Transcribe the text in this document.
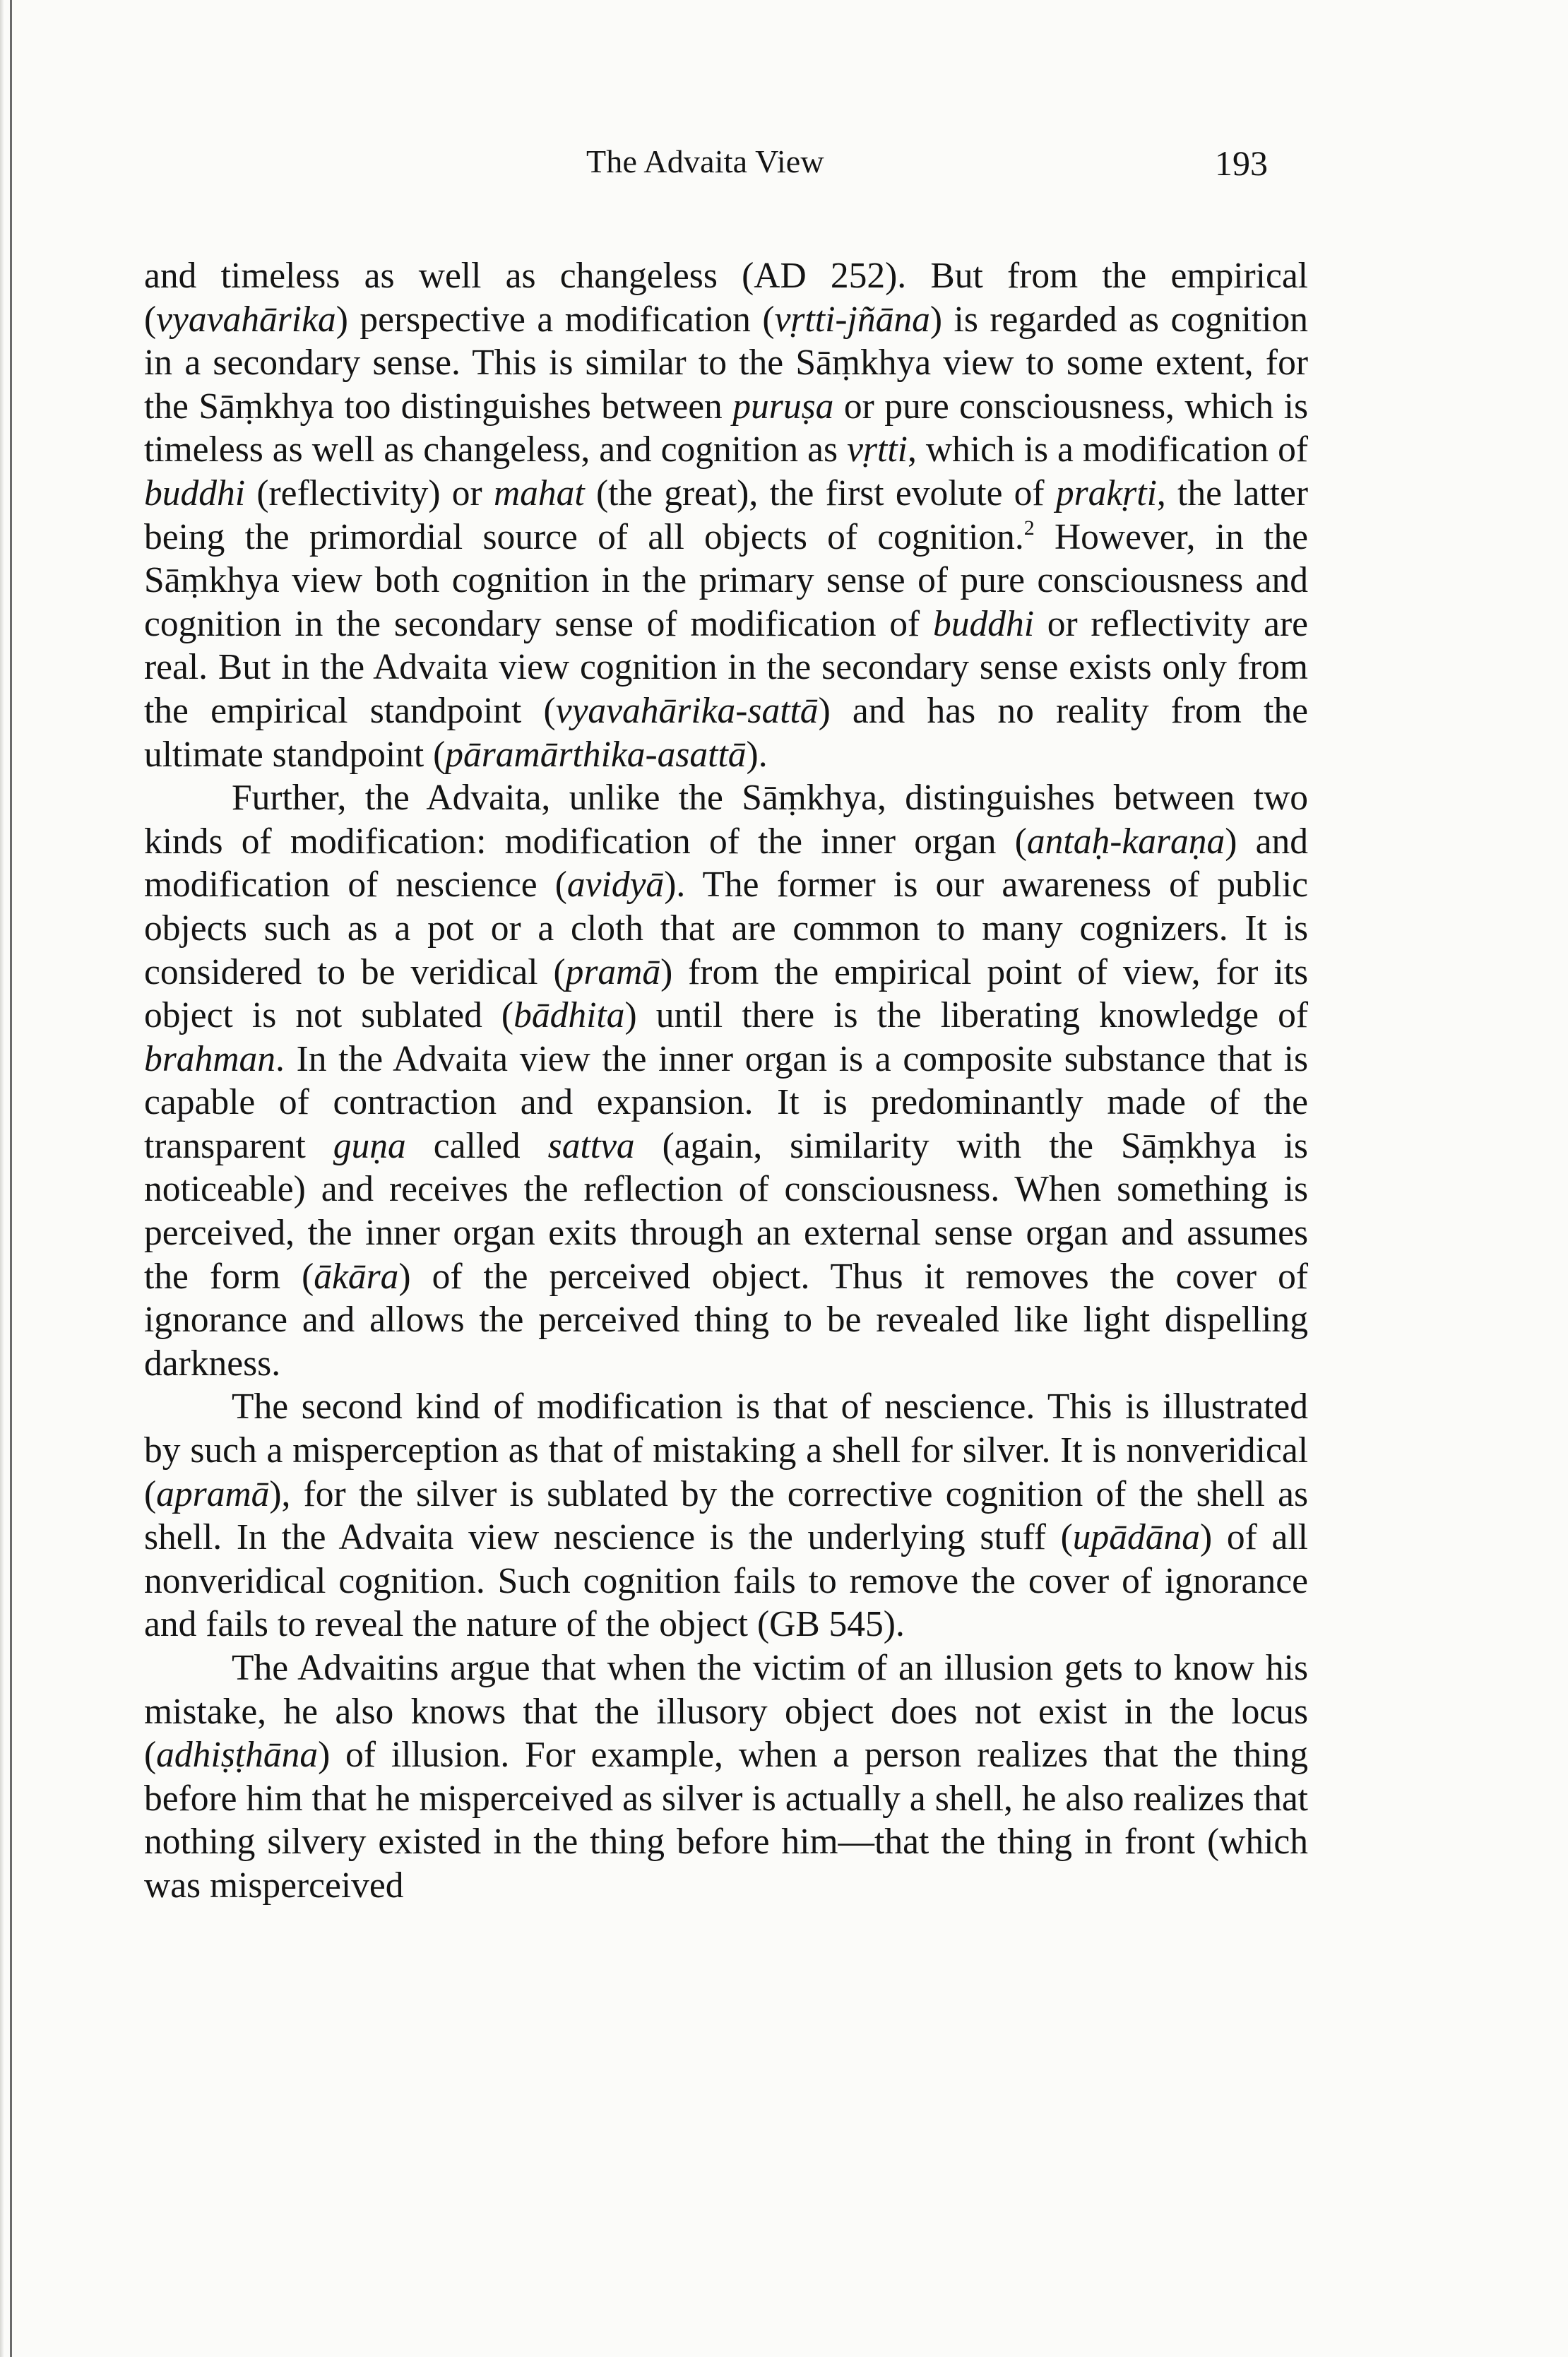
The Advaita View	193

and timeless as well as changeless (AD 252). But from the empirical (vyavahārika) perspective a modification (vṛtti-jñāna) is regarded as cognition in a secondary sense. This is similar to the Sāṃkhya view to some extent, for the Sāṃkhya too distinguishes between puruṣa or pure consciousness, which is timeless as well as changeless, and cognition as vṛtti, which is a modification of buddhi (reflectivity) or mahat (the great), the first evolute of prakṛti, the latter being the primordial source of all objects of cognition.$^2$ However, in the Sāṃkhya view both cognition in the primary sense of pure consciousness and cognition in the secondary sense of modification of buddhi or reflectivity are real. But in the Advaita view cognition in the secondary sense exists only from the empirical standpoint (vyavahārika-sattā) and has no reality from the ultimate standpoint (pāramārthika-asattā).

Further, the Advaita, unlike the Sāṃkhya, distinguishes between two kinds of modification: modification of the inner organ (antaḥ-karaṇa) and modification of nescience (avidyā). The former is our awareness of public objects such as a pot or a cloth that are common to many cognizers. It is considered to be veridical (pramā) from the empirical point of view, for its object is not sublated (bādhita) until there is the liberating knowledge of brahman. In the Advaita view the inner organ is a composite substance that is capable of contraction and expansion. It is predominantly made of the transparent guṇa called sattva (again, similarity with the Sāṃkhya is noticeable) and receives the reflection of consciousness. When something is perceived, the inner organ exits through an external sense organ and assumes the form (ākāra) of the perceived object. Thus it removes the cover of ignorance and allows the perceived thing to be revealed like light dispelling darkness.

The second kind of modification is that of nescience. This is illustrated by such a misperception as that of mistaking a shell for silver. It is nonveridical (apramā), for the silver is sublated by the corrective cognition of the shell as shell. In the Advaita view nescience is the underlying stuff (upādāna) of all nonveridical cognition. Such cognition fails to remove the cover of ignorance and fails to reveal the nature of the object (GB 545).

The Advaitins argue that when the victim of an illusion gets to know his mistake, he also knows that the illusory object does not exist in the locus (adhiṣṭhāna) of illusion. For example, when a person realizes that the thing before him that he misperceived as silver is actually a shell, he also realizes that nothing silvery existed in the thing before him—that the thing in front (which was misperceived
